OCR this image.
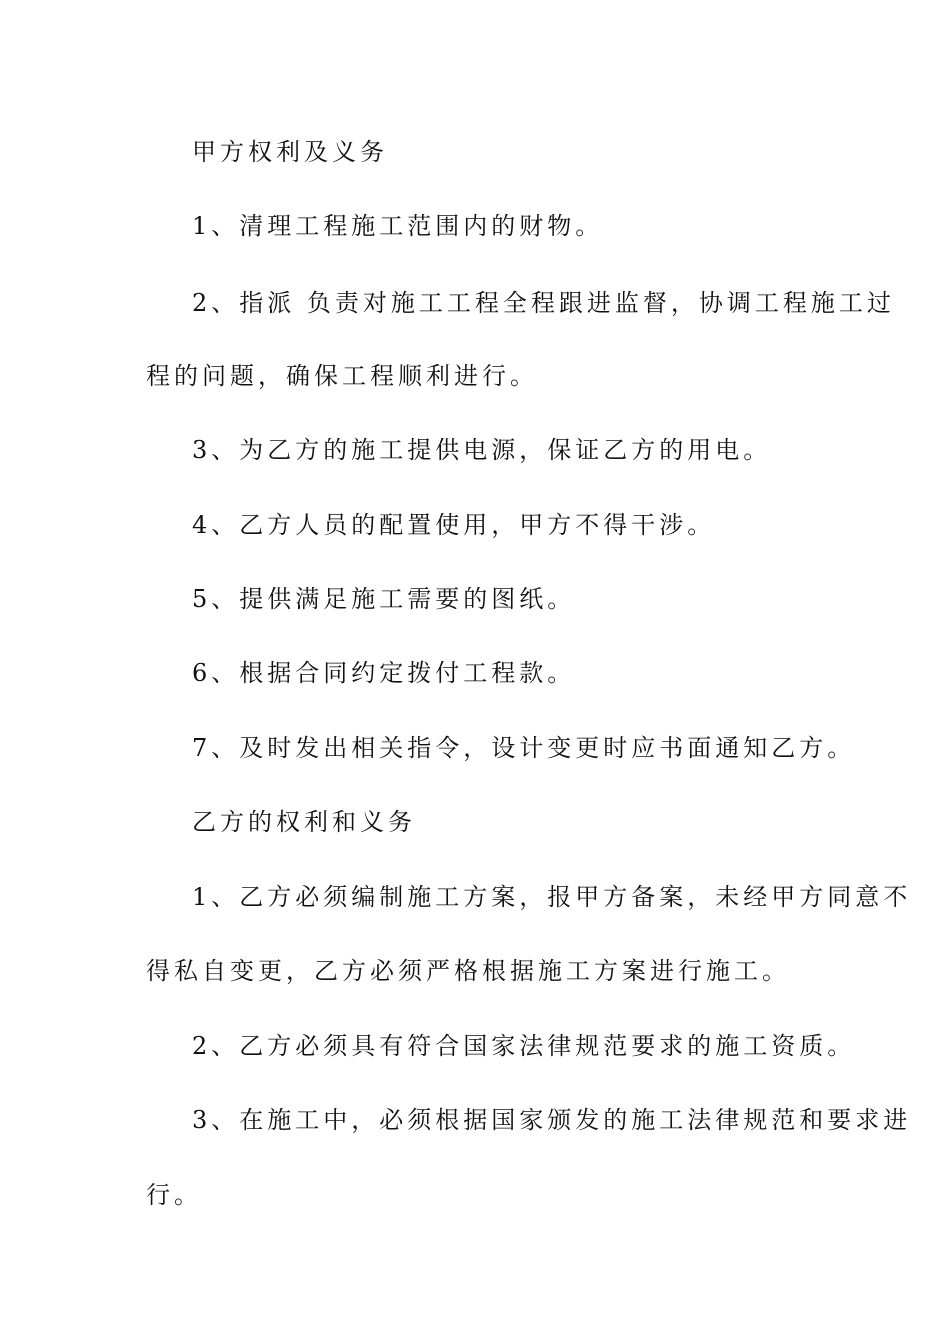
甲方权利及义务

1、清理工程施工范围内的财物。

2、指派 负责对施工工程全程跟进监督，协调工程施工过

程的问题，确保工程顺利进行。

3、为乙方的施工提供电源，保证乙方的用电。

4、乙方人员的配置使用，甲方不得干涉。

5、提供满足施工需要的图纸。

6、根据合同约定拨付工程款。

7、及时发出相关指令，设计变更时应书面通知乙方。

乙方的权利和义务

1、乙方必须编制施工方案，报甲方备案，未经甲方同意不

得私自变更，乙方必须严格根据施工方案进行施工。

2、乙方必须具有符合国家法律规范要求的施工资质。

3、在施工中，必须根据国家颁发的施工法律规范和要求进

行。
